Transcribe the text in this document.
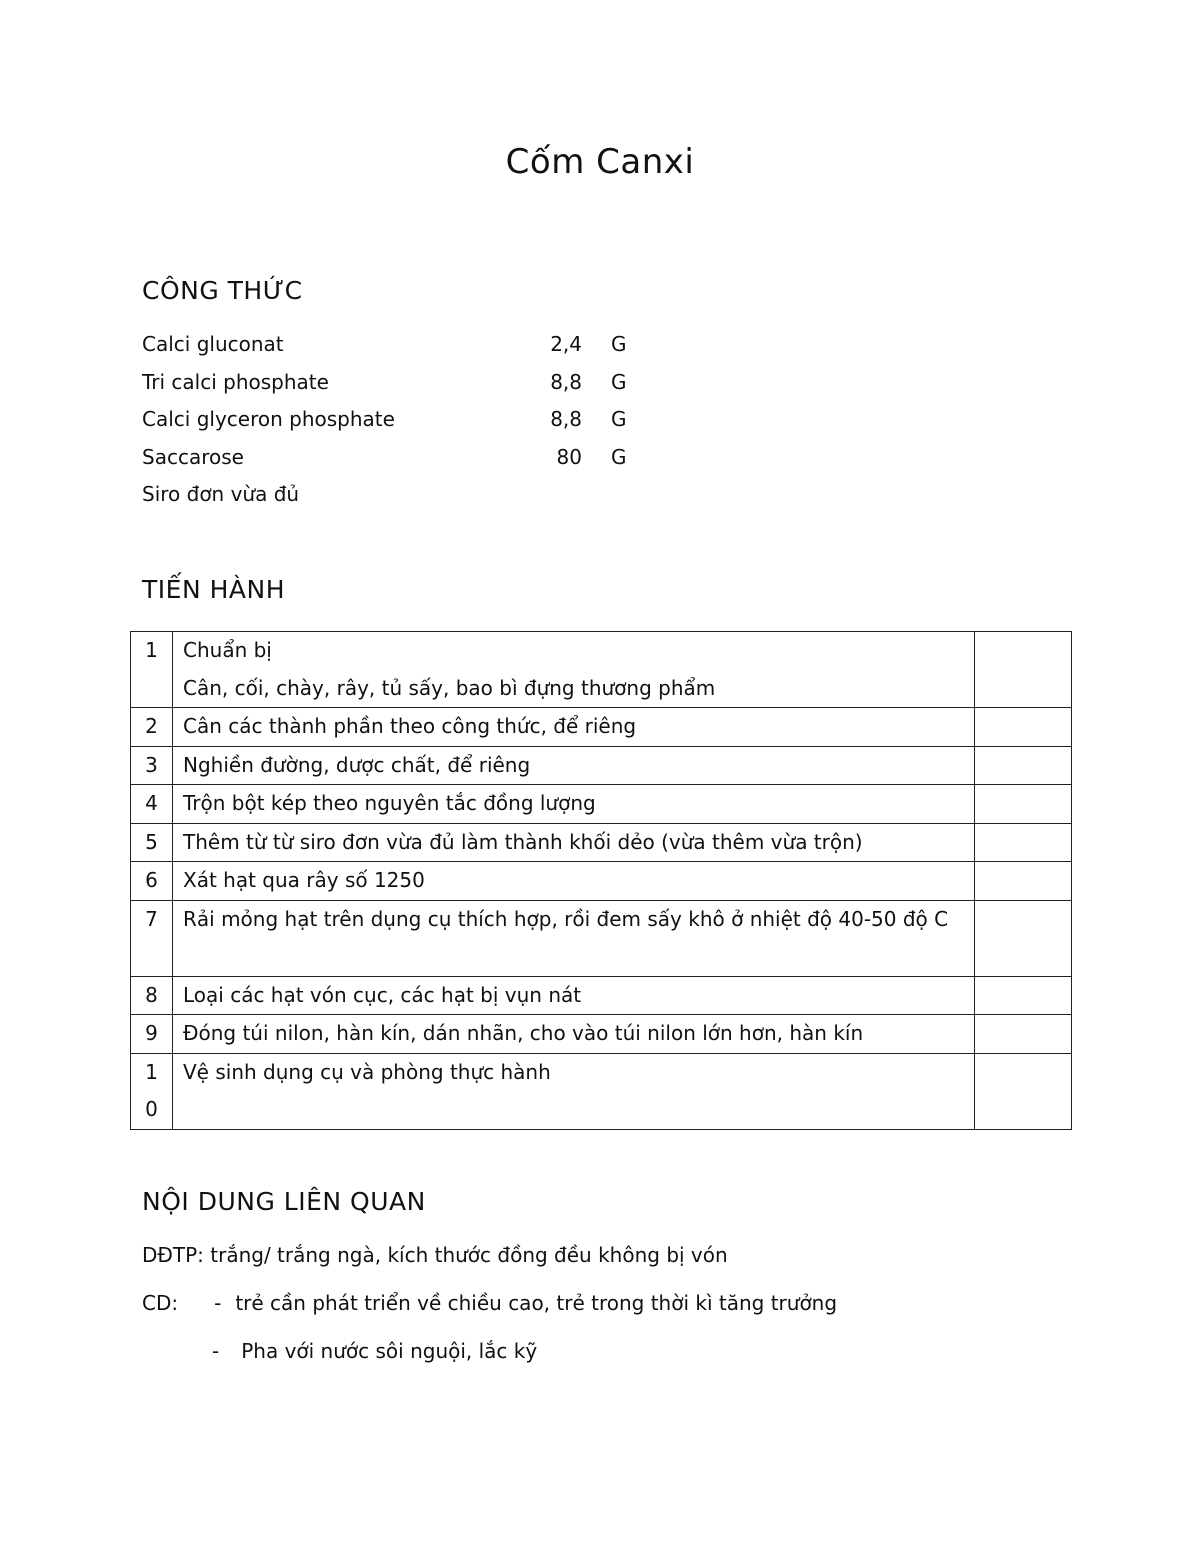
Cốm Canxi
CÔNG THỨC
Calci gluconat	2,4 G
Tri calci phosphate	8,8 G
Calci glyceron phosphate	8,8 G
Saccarose	80 G
Siro đơn vừa đủ
TIẾN HÀNH
1	Chuẩn bị
Cân, cối, chày, rây, tủ sấy, bao bì đựng thương phẩm	

2	Cân các thành phần theo công thức, để riêng	
3	Nghiền đường, dược chất, để riêng	
4	Trộn bột kép theo nguyên tắc đồng lượng	
5	Thêm từ từ siro đơn vừa đủ làm thành khối dẻo (vừa thêm vừa trộn)	
6	Xát hạt qua rây số 1250	
7	Rải mỏng hạt trên dụng cụ thích hợp, rồi đem sấy khô ở nhiệt độ 40-50 độ C	
8	Loại các hạt vón cục, các hạt bị vụn nát	
9	Đóng túi nilon, hàn kín, dán nhãn, cho vào túi nilon lớn hơn, hàn kín	
10	Vệ sinh dụng cụ và phòng thực hành	
NỘI DUNG LIÊN QUAN
DĐTP: trắng/ trắng ngà, kích thước đồng đều không bị vón
CD: - trẻ cần phát triển về chiều cao, trẻ trong thời kì tăng trưởng
- Pha với nước sôi nguội, lắc kỹ
